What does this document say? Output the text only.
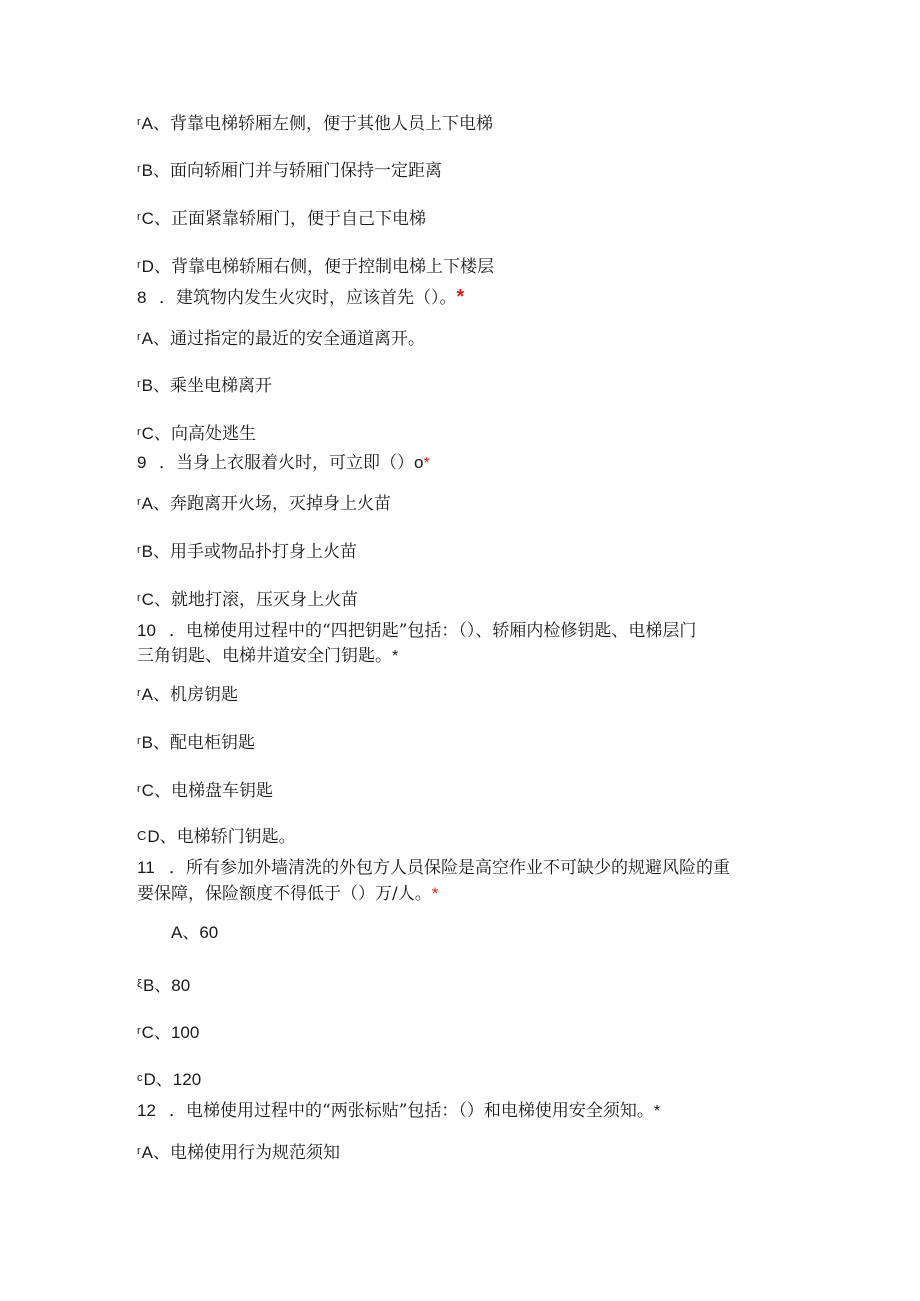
$^r$A、背靠电梯轿厢左侧，便于其他人员上下电梯
$^r$B、面向轿厢门并与轿厢门保持一定距离
$^r$C、正面紧靠轿厢门，便于自己下电梯
$^r$D、背靠电梯轿厢右侧，便于控制电梯上下楼层
8 ．建筑物内发生火灾时，应该首先（）。*
$^r$A、通过指定的最近的安全通道离开。
$^r$B、乘坐电梯离开
$^r$C、向高处逃生
9 ．当身上衣服着火时，可立即（）o*
$^r$A、奔跑离开火场，灭掉身上火苗
$^r$B、用手或物品扑打身上火苗
$^r$C、就地打滚，压灭身上火苗
10 ．电梯使用过程中的“四把钥匙”包括：（）、轿厢内检修钥匙、电梯层门
三角钥匙、电梯井道安全门钥匙。*
$^r$A、机房钥匙
$^r$B、配电柜钥匙
$^r$C、电梯盘车钥匙
CD、电梯轿门钥匙。
11 ．所有参加外墙清洗的外包方人员保险是高空作业不可缺少的规避风险的重
要保障，保险额度不得低于（）万/人。*
A、60
$^\xi$B、80
$^r$C、100
$^c$D、120
12 ．电梯使用过程中的“两张标贴”包括：（）和电梯使用安全须知。*
$^r$A、电梯使用行为规范须知
